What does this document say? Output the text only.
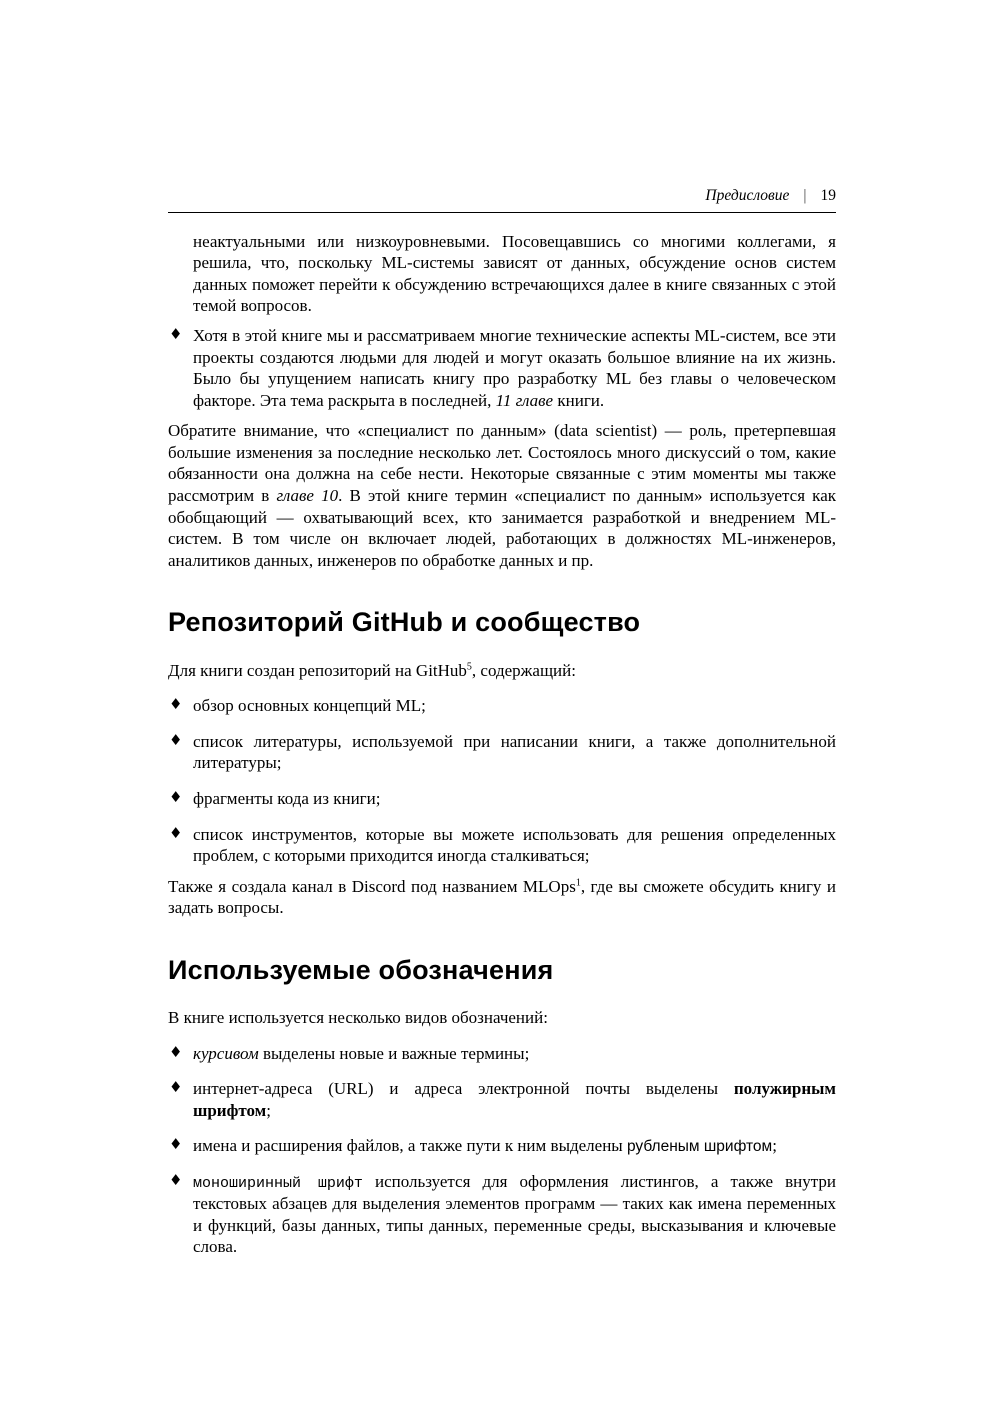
Предисловие | 19

неактуальными или низкоуровневыми. Посовещавшись со многими коллегами, я решила, что, поскольку ML-системы зависят от данных, обсуждение основ систем данных поможет перейти к обсуждению встречающихся далее в книге связанных с этой темой вопросов.

♦ Хотя в этой книге мы и рассматриваем многие технические аспекты ML-систем, все эти проекты создаются людьми для людей и могут оказать большое влияние на их жизнь. Было бы упущением написать книгу про разработку ML без главы о человеческом факторе. Эта тема раскрыта в последней, 11 главе книги.

Обратите внимание, что «специалист по данным» (data scientist) — роль, претерпевшая большие изменения за последние несколько лет. Состоялось много дискуссий о том, какие обязанности она должна на себе нести. Некоторые связанные с этим моменты мы также рассмотрим в главе 10. В этой книге термин «специалист по данным» используется как обобщающий — охватывающий всех, кто занимается разработкой и внедрением ML-систем. В том числе он включает людей, работающих в должностях ML-инженеров, аналитиков данных, инженеров по обработке данных и пр.

Репозиторий GitHub и сообщество

Для книги создан репозиторий на GitHub$^5$, содержащий:

♦ обзор основных концепций ML;

♦ список литературы, используемой при написании книги, а также дополнительной литературы;

♦ фрагменты кода из книги;

♦ список инструментов, которые вы можете использовать для решения определенных проблем, с которыми приходится иногда сталкиваться;

Также я создала канал в Discord под названием MLOps$^1$, где вы сможете обсудить книгу и задать вопросы.

Используемые обозначения

В книге используется несколько видов обозначений:

♦ курсивом выделены новые и важные термины;

♦ интернет-адреса (URL) и адреса электронной почты выделены полужирным шрифтом;

♦ имена и расширения файлов, а также пути к ним выделены рубленым шрифтом;

♦ моноширинный шрифт используется для оформления листингов, а также внутри текстовых абзацев для выделения элементов программ — таких как имена переменных и функций, базы данных, типы данных, переменные среды, высказывания и ключевые слова.
